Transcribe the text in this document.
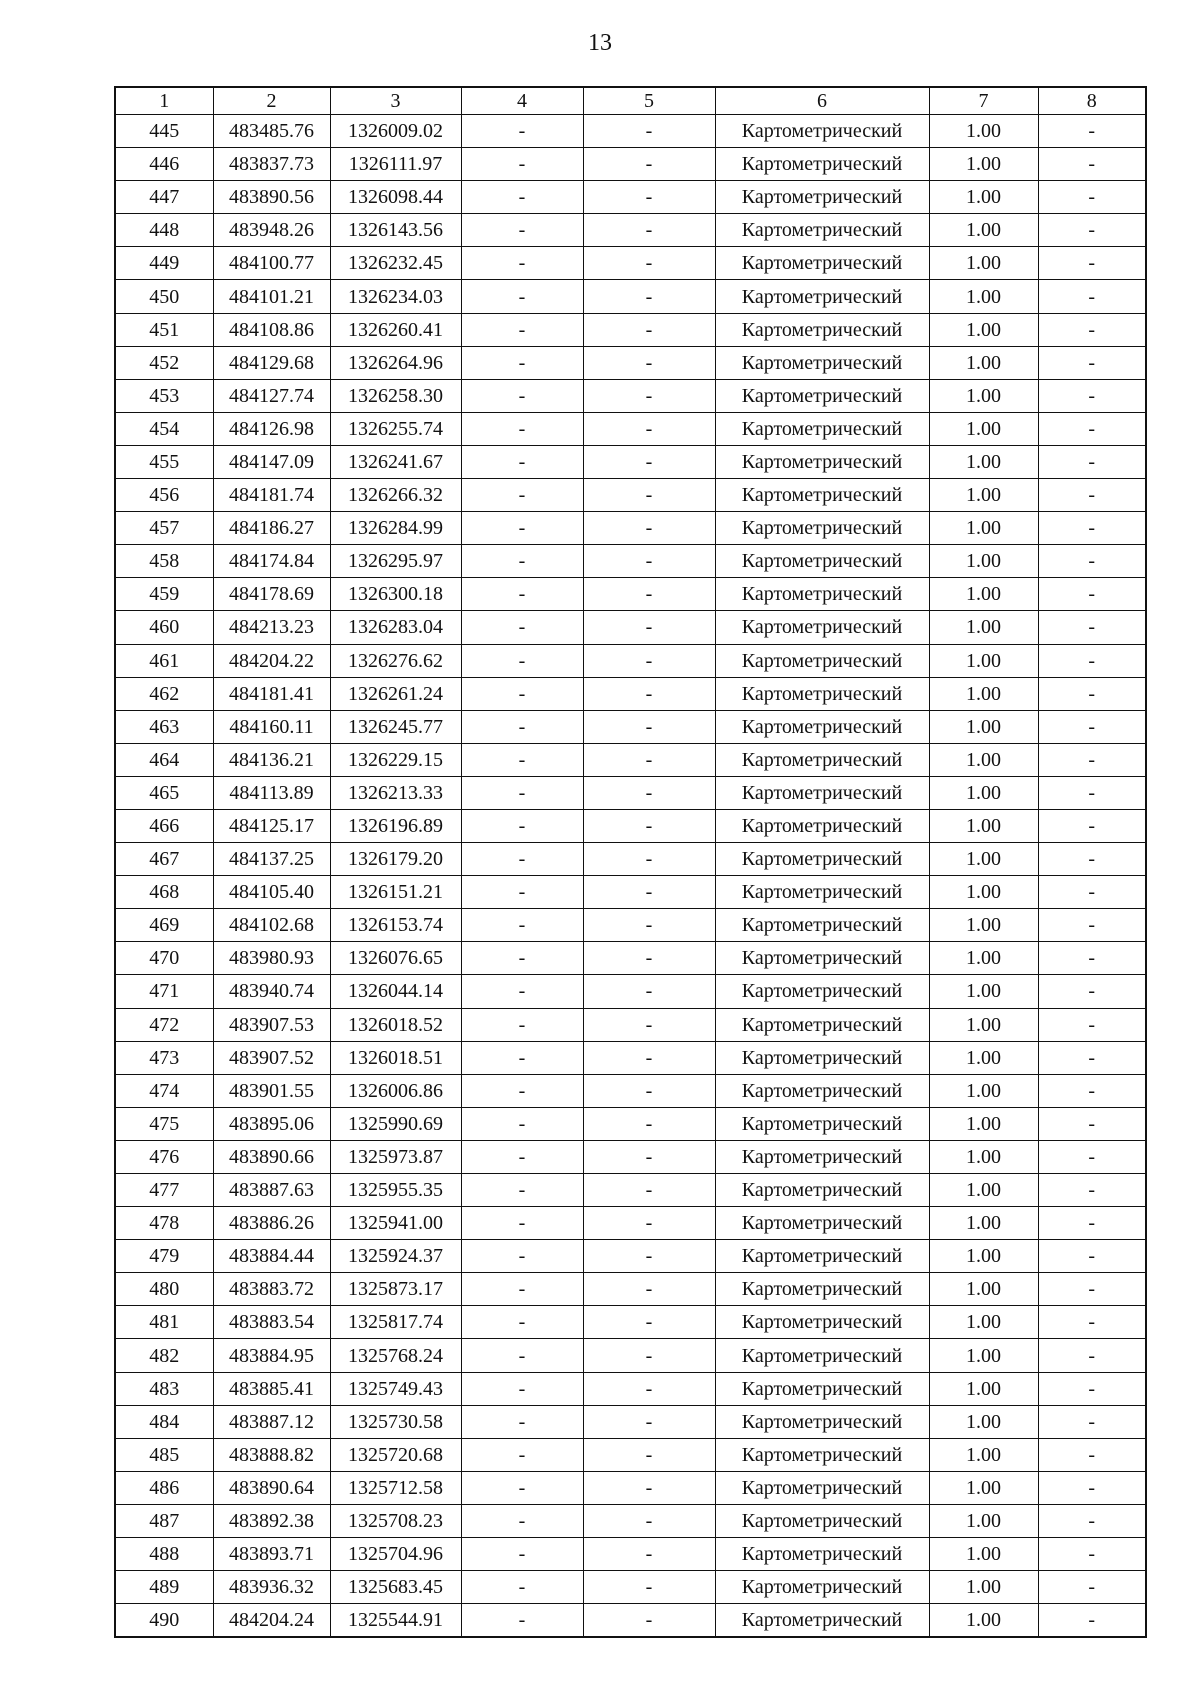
13
1	2	3	4	5	6	7	8
445	483485.76	1326009.02	-	-	Картометрический	1.00	-
446	483837.73	1326111.97	-	-	Картометрический	1.00	-
447	483890.56	1326098.44	-	-	Картометрический	1.00	-
448	483948.26	1326143.56	-	-	Картометрический	1.00	-
449	484100.77	1326232.45	-	-	Картометрический	1.00	-
450	484101.21	1326234.03	-	-	Картометрический	1.00	-
451	484108.86	1326260.41	-	-	Картометрический	1.00	-
452	484129.68	1326264.96	-	-	Картометрический	1.00	-
453	484127.74	1326258.30	-	-	Картометрический	1.00	-
454	484126.98	1326255.74	-	-	Картометрический	1.00	-
455	484147.09	1326241.67	-	-	Картометрический	1.00	-
456	484181.74	1326266.32	-	-	Картометрический	1.00	-
457	484186.27	1326284.99	-	-	Картометрический	1.00	-
458	484174.84	1326295.97	-	-	Картометрический	1.00	-
459	484178.69	1326300.18	-	-	Картометрический	1.00	-
460	484213.23	1326283.04	-	-	Картометрический	1.00	-
461	484204.22	1326276.62	-	-	Картометрический	1.00	-
462	484181.41	1326261.24	-	-	Картометрический	1.00	-
463	484160.11	1326245.77	-	-	Картометрический	1.00	-
464	484136.21	1326229.15	-	-	Картометрический	1.00	-
465	484113.89	1326213.33	-	-	Картометрический	1.00	-
466	484125.17	1326196.89	-	-	Картометрический	1.00	-
467	484137.25	1326179.20	-	-	Картометрический	1.00	-
468	484105.40	1326151.21	-	-	Картометрический	1.00	-
469	484102.68	1326153.74	-	-	Картометрический	1.00	-
470	483980.93	1326076.65	-	-	Картометрический	1.00	-
471	483940.74	1326044.14	-	-	Картометрический	1.00	-
472	483907.53	1326018.52	-	-	Картометрический	1.00	-
473	483907.52	1326018.51	-	-	Картометрический	1.00	-
474	483901.55	1326006.86	-	-	Картометрический	1.00	-
475	483895.06	1325990.69	-	-	Картометрический	1.00	-
476	483890.66	1325973.87	-	-	Картометрический	1.00	-
477	483887.63	1325955.35	-	-	Картометрический	1.00	-
478	483886.26	1325941.00	-	-	Картометрический	1.00	-
479	483884.44	1325924.37	-	-	Картометрический	1.00	-
480	483883.72	1325873.17	-	-	Картометрический	1.00	-
481	483883.54	1325817.74	-	-	Картометрический	1.00	-
482	483884.95	1325768.24	-	-	Картометрический	1.00	-
483	483885.41	1325749.43	-	-	Картометрический	1.00	-
484	483887.12	1325730.58	-	-	Картометрический	1.00	-
485	483888.82	1325720.68	-	-	Картометрический	1.00	-
486	483890.64	1325712.58	-	-	Картометрический	1.00	-
487	483892.38	1325708.23	-	-	Картометрический	1.00	-
488	483893.71	1325704.96	-	-	Картометрический	1.00	-
489	483936.32	1325683.45	-	-	Картометрический	1.00	-
490	484204.24	1325544.91	-	-	Картометрический	1.00	-
